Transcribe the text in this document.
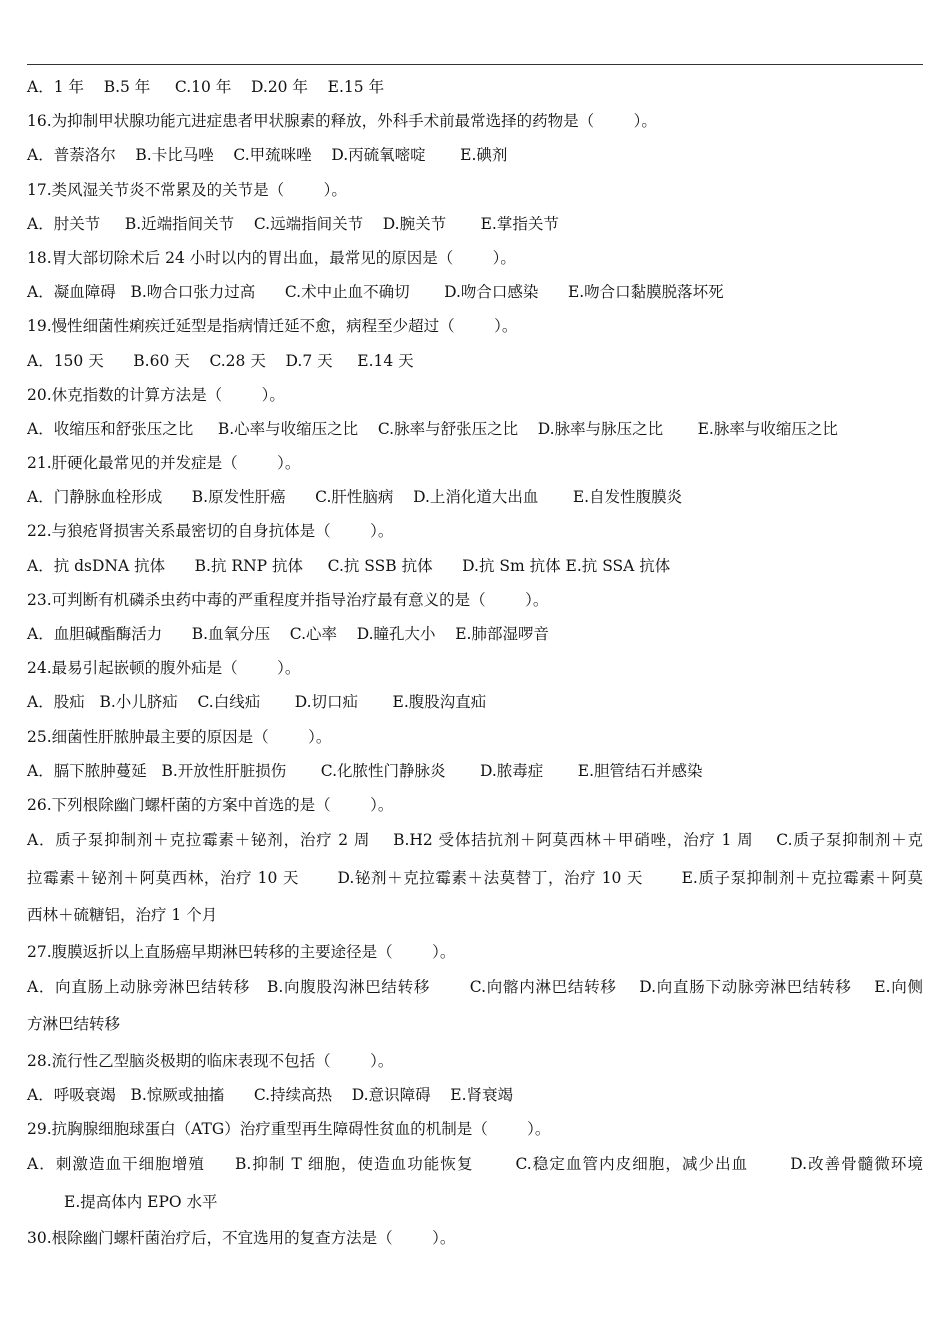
A．1 年    B.5 年     C.10 年    D.20 年    E.15 年
16.为抑制甲状腺功能亢进症患者甲状腺素的释放，外科手术前最常选择的药物是（        ）。
A．普萘洛尔    B.卡比马唑    C.甲巯咪唑    D.丙硫氧嘧啶       E.碘剂
17.类风湿关节炎不常累及的关节是（        ）。
A．肘关节     B.近端指间关节    C.远端指间关节    D.腕关节       E.掌指关节
18.胃大部切除术后 24 小时以内的胃出血，最常见的原因是（        ）。
A．凝血障碍   B.吻合口张力过高      C.术中止血不确切       D.吻合口感染      E.吻合口黏膜脱落坏死
19.慢性细菌性痢疾迁延型是指病情迁延不愈，病程至少超过（        ）。
A．150 天      B.60 天    C.28 天    D.7 天     E.14 天
20.休克指数的计算方法是（        ）。
A．收缩压和舒张压之比     B.心率与收缩压之比    C.脉率与舒张压之比    D.脉率与脉压之比       E.脉率与收缩压之比
21.肝硬化最常见的并发症是（        ）。
A．门静脉血栓形成      B.原发性肝癌      C.肝性脑病    D.上消化道大出血       E.自发性腹膜炎
22.与狼疮肾损害关系最密切的自身抗体是（        ）。
A．抗 dsDNA 抗体      B.抗 RNP 抗体     C.抗 SSB 抗体      D.抗 Sm 抗体 E.抗 SSA 抗体
23.可判断有机磷杀虫药中毒的严重程度并指导治疗最有意义的是（        ）。
A．血胆碱酯酶活力      B.血氧分压    C.心率    D.瞳孔大小    E.肺部湿啰音
24.最易引起嵌顿的腹外疝是（        ）。
A．股疝   B.小儿脐疝    C.白线疝       D.切口疝       E.腹股沟直疝
25.细菌性肝脓肿最主要的原因是（        ）。
A．膈下脓肿蔓延   B.开放性肝脏损伤       C.化脓性门静脉炎       D.脓毒症       E.胆管结石并感染
26.下列根除幽门螺杆菌的方案中首选的是（        ）。
A．质子泵抑制剂＋克拉霉素＋铋剂，治疗 2 周    B.H2 受体拮抗剂＋阿莫西林＋甲硝唑，治疗 1 周    C.质子泵抑制剂＋克
拉霉素＋铋剂＋阿莫西林，治疗 10 天       D.铋剂＋克拉霉素＋法莫替丁，治疗 10 天       E.质子泵抑制剂＋克拉霉素＋阿莫
西林＋硫糖铝，治疗 1 个月
27.腹膜返折以上直肠癌早期淋巴转移的主要途径是（        ）。
A．向直肠上动脉旁淋巴结转移   B.向腹股沟淋巴结转移       C.向髂内淋巴结转移    D.向直肠下动脉旁淋巴结转移    E.向侧
方淋巴结转移
28.流行性乙型脑炎极期的临床表现不包括（        ）。
A．呼吸衰竭   B.惊厥或抽搐      C.持续高热    D.意识障碍    E.肾衰竭
29.抗胸腺细胞球蛋白（ATG）治疗重型再生障碍性贫血的机制是（        ）。
A．刺激造血干细胞增殖     B.抑制 T 细胞，使造血功能恢复       C.稳定血管内皮细胞，减少出血       D.改善骨髓微环境
E.提高体内 EPO 水平
30.根除幽门螺杆菌治疗后，不宜选用的复查方法是（        ）。
